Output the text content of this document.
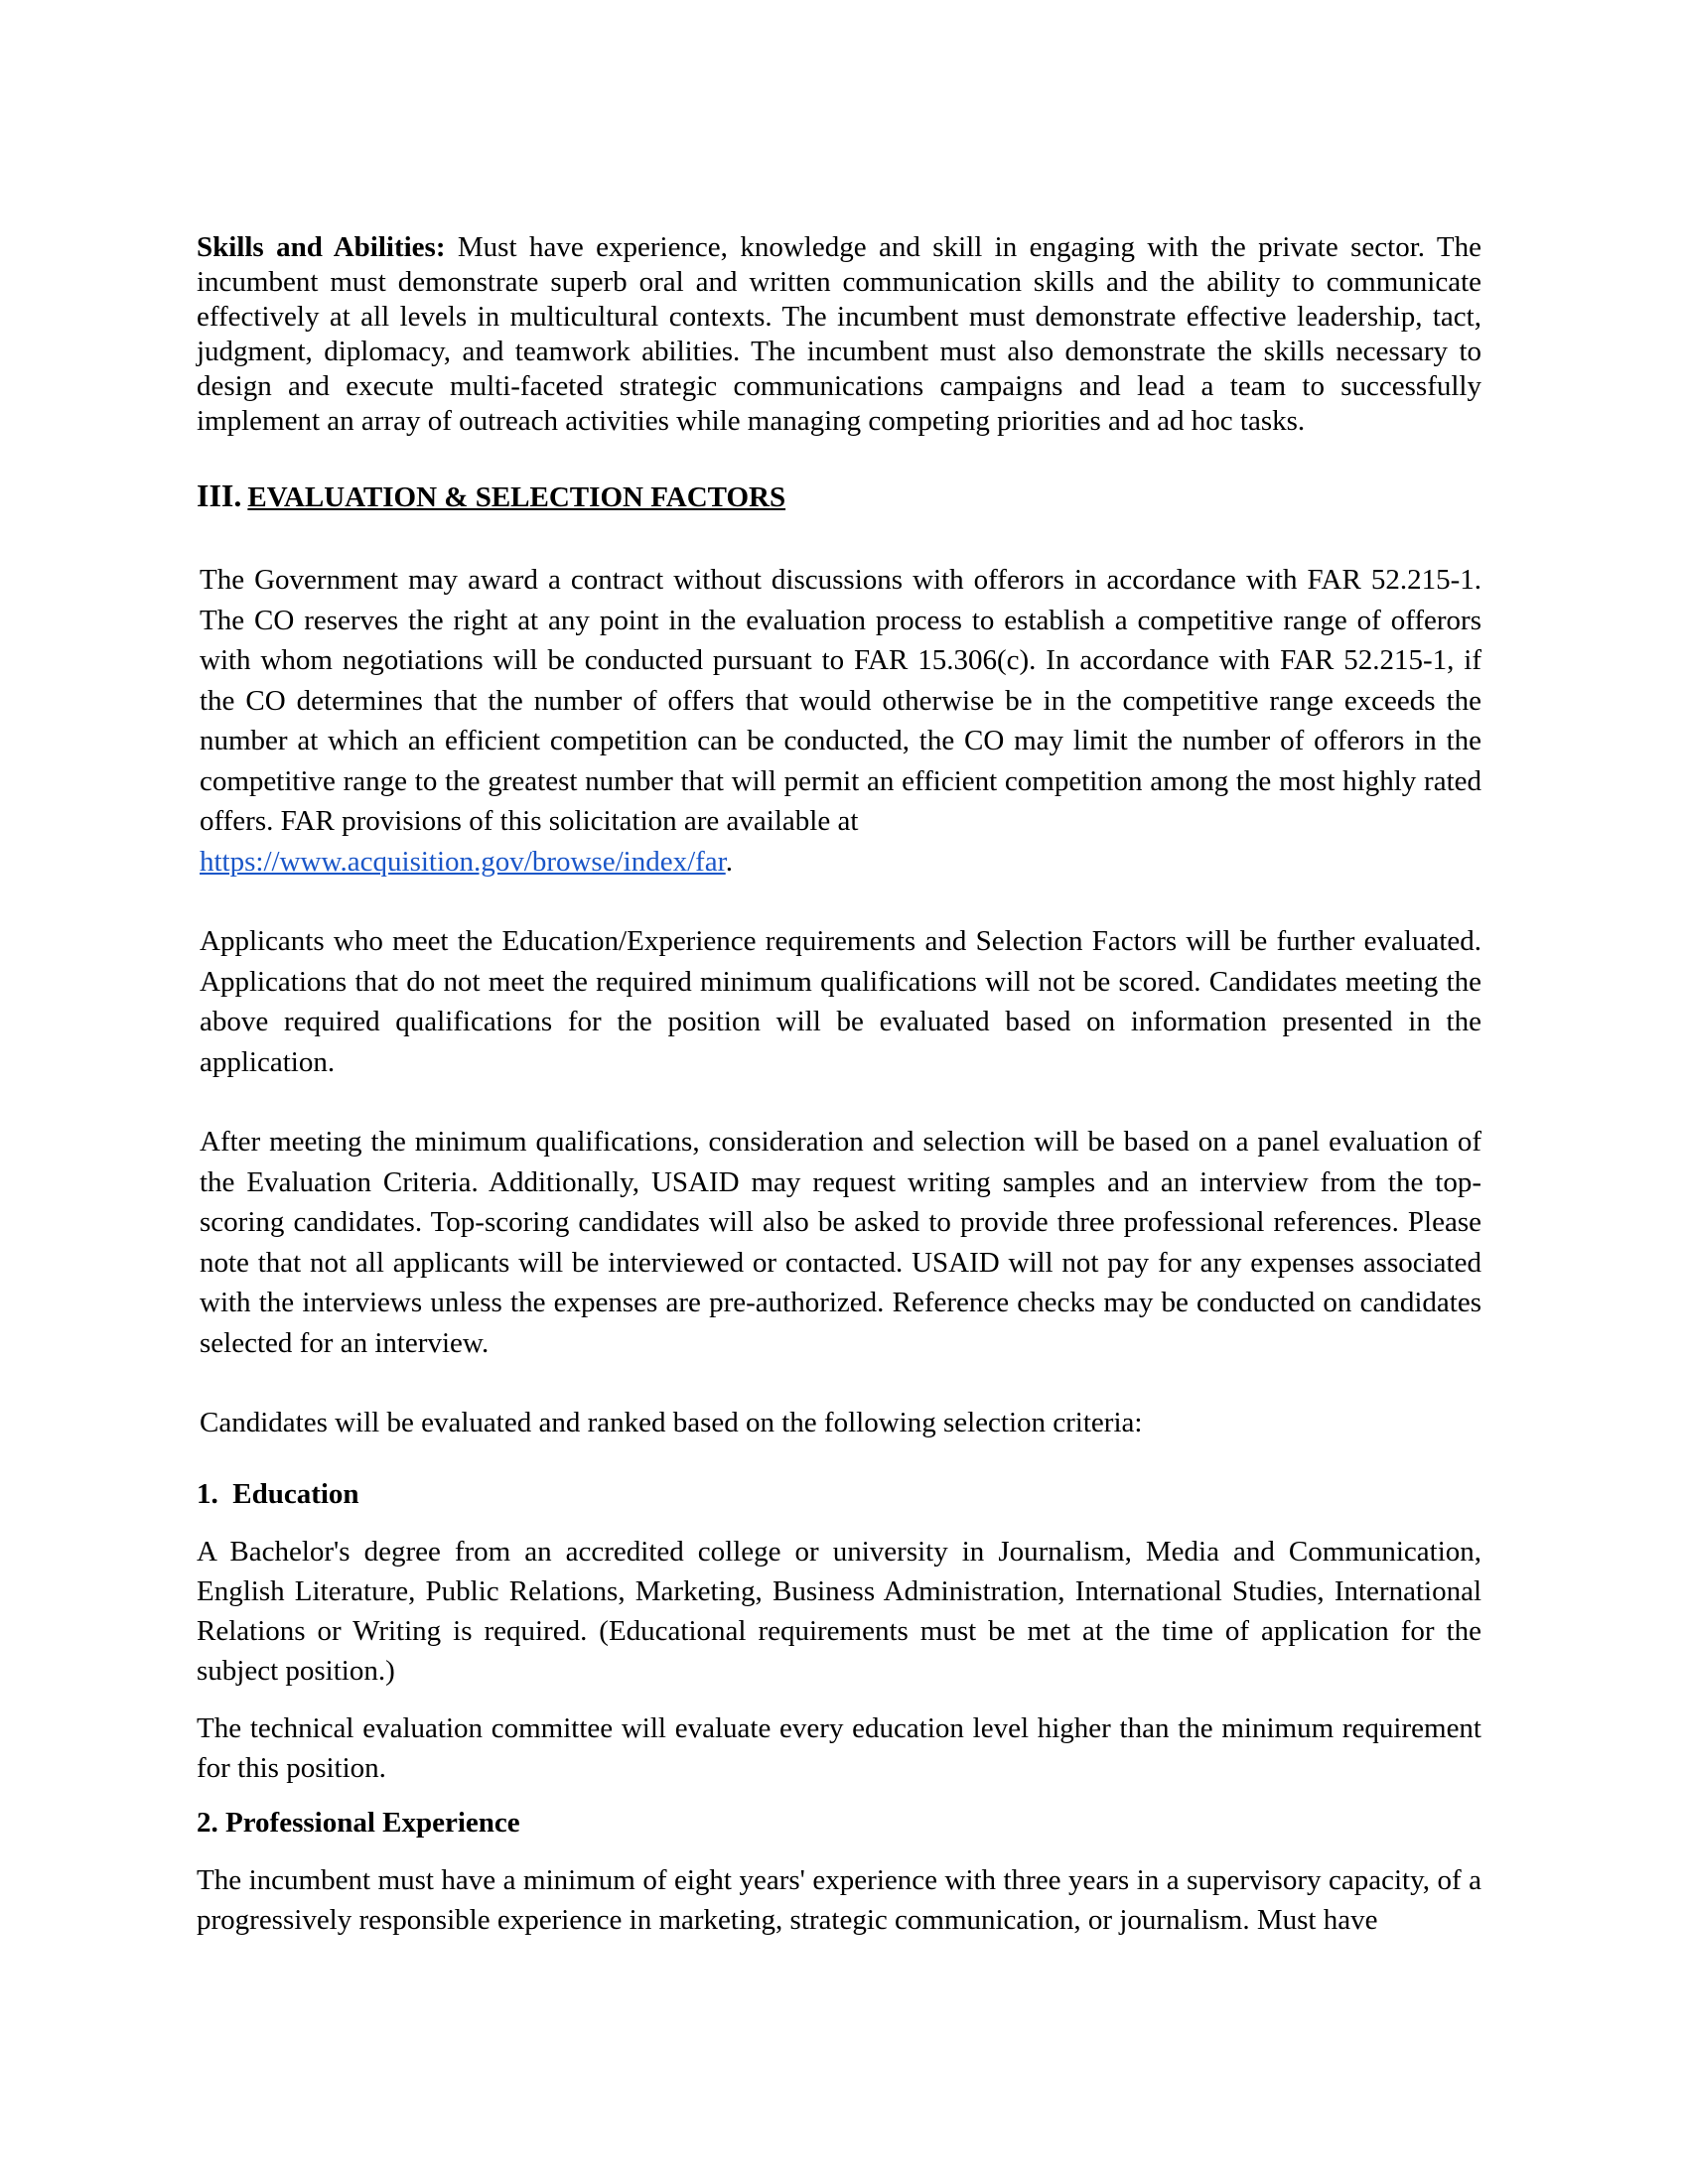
Skills and Abilities: Must have experience, knowledge and skill in engaging with the private sector. The incumbent must demonstrate superb oral and written communication skills and the ability to communicate effectively at all levels in multicultural contexts. The incumbent must demonstrate effective leadership, tact, judgment, diplomacy, and teamwork abilities. The incumbent must also demonstrate the skills necessary to design and execute multi-faceted strategic communications campaigns and lead a team to successfully implement an array of outreach activities while managing competing priorities and ad hoc tasks.

III. EVALUATION & SELECTION FACTORS

The Government may award a contract without discussions with offerors in accordance with FAR 52.215-1. The CO reserves the right at any point in the evaluation process to establish a competitive range of offerors with whom negotiations will be conducted pursuant to FAR 15.306(c). In accordance with FAR 52.215-1, if the CO determines that the number of offers that would otherwise be in the competitive range exceeds the number at which an efficient competition can be conducted, the CO may limit the number of offerors in the competitive range to the greatest number that will permit an efficient competition among the most highly rated offers. FAR provisions of this solicitation are available at
https://www.acquisition.gov/browse/index/far.

Applicants who meet the Education/Experience requirements and Selection Factors will be further evaluated. Applications that do not meet the required minimum qualifications will not be scored. Candidates meeting the above required qualifications for the position will be evaluated based on information presented in the application.

After meeting the minimum qualifications, consideration and selection will be based on a panel evaluation of the Evaluation Criteria. Additionally, USAID may request writing samples and an interview from the top-scoring candidates. Top-scoring candidates will also be asked to provide three professional references. Please note that not all applicants will be interviewed or contacted. USAID will not pay for any expenses associated with the interviews unless the expenses are pre-authorized. Reference checks may be conducted on candidates selected for an interview.

Candidates will be evaluated and ranked based on the following selection criteria:

1.  Education

A Bachelor's degree from an accredited college or university in Journalism, Media and Communication, English Literature, Public Relations, Marketing, Business Administration, International Studies, International Relations or Writing is required. (Educational requirements must be met at the time of application for the subject position.)

The technical evaluation committee will evaluate every education level higher than the minimum requirement for this position.

2. Professional Experience

The incumbent must have a minimum of eight years' experience with three years in a supervisory capacity, of a progressively responsible experience in marketing, strategic communication, or journalism. Must have
